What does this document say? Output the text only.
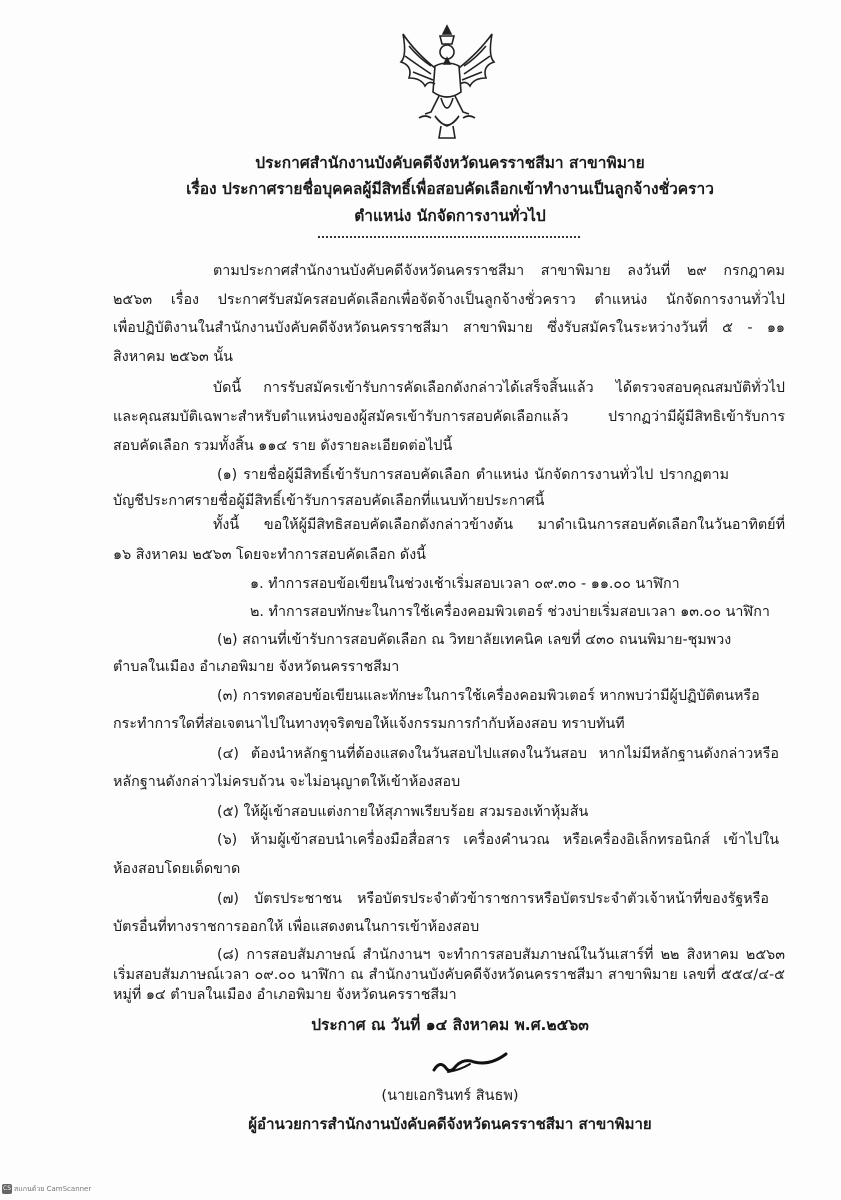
ประกาศสำนักงานบังคับคดีจังหวัดนครราชสีมา สาขาพิมาย
เรื่อง ประกาศรายชื่อบุคคลผู้มีสิทธิ์เพื่อสอบคัดเลือกเข้าทำงานเป็นลูกจ้างชั่วคราว
ตำแหน่ง นักจัดการงานทั่วไป
ตามประกาศสำนักงานบังคับคดีจังหวัดนครราชสีมา สาขาพิมาย ลงวันที่ ๒๙ กรกฎาคม
๒๕๖๓ เรื่อง ประกาศรับสมัครสอบคัดเลือกเพื่อจัดจ้างเป็นลูกจ้างชั่วคราว ตำแหน่ง นักจัดการงานทั่วไป
เพื่อปฏิบัติงานในสำนักงานบังคับคดีจังหวัดนครราชสีมา สาขาพิมาย ซึ่งรับสมัครในระหว่างวันที่ ๕ - ๑๑
สิงหาคม ๒๕๖๓ นั้น
บัดนี้ การรับสมัครเข้ารับการคัดเลือกดังกล่าวได้เสร็จสิ้นแล้ว ได้ตรวจสอบคุณสมบัติทั่วไป
และคุณสมบัติเฉพาะสำหรับตำแหน่งของผู้สมัครเข้ารับการสอบคัดเลือกแล้ว ปรากฏว่ามีผู้มีสิทธิเข้ารับการ
สอบคัดเลือก รวมทั้งสิ้น ๑๑๔ ราย ดังรายละเอียดต่อไปนี้
(๑) รายชื่อผู้มีสิทธิ์เข้ารับการสอบคัดเลือก ตำแหน่ง นักจัดการงานทั่วไป ปรากฏตาม
บัญชีประกาศรายชื่อผู้มีสิทธิ์เข้ารับการสอบคัดเลือกที่แนบท้ายประกาศนี้
ทั้งนี้ ขอให้ผู้มีสิทธิสอบคัดเลือกดังกล่าวข้างต้น มาดำเนินการสอบคัดเลือกในวันอาทิตย์ที่
๑๖ สิงหาคม ๒๕๖๓ โดยจะทำการสอบคัดเลือก ดังนี้
๑. ทำการสอบข้อเขียนในช่วงเช้าเริ่มสอบเวลา ๐๙.๓๐ - ๑๑.๐๐ นาฬิกา
๒. ทำการสอบทักษะในการใช้เครื่องคอมพิวเตอร์ ช่วงบ่ายเริ่มสอบเวลา ๑๓.๐๐ นาฬิกา
(๒) สถานที่เข้ารับการสอบคัดเลือก ณ วิทยาลัยเทคนิค เลขที่ ๔๓๐ ถนนพิมาย-ชุมพวง
ตำบลในเมือง อำเภอพิมาย จังหวัดนครราชสีมา
(๓) การทดสอบข้อเขียนและทักษะในการใช้เครื่องคอมพิวเตอร์ หากพบว่ามีผู้ปฏิบัติตนหรือ
กระทำการใดที่ส่อเจตนาไปในทางทุจริตขอให้แจ้งกรรมการกำกับห้องสอบ ทราบทันที
(๔) ต้องนำหลักฐานที่ต้องแสดงในวันสอบไปแสดงในวันสอบ หากไม่มีหลักฐานดังกล่าวหรือ
หลักฐานดังกล่าวไม่ครบถ้วน จะไม่อนุญาตให้เข้าห้องสอบ
(๕) ให้ผู้เข้าสอบแต่งกายให้สุภาพเรียบร้อย สวมรองเท้าหุ้มส้น
(๖) ห้ามผู้เข้าสอบนำเครื่องมือสื่อสาร เครื่องคำนวณ หรือเครื่องอิเล็กทรอนิกส์ เข้าไปใน
ห้องสอบโดยเด็ดขาด
(๗) บัตรประชาชน หรือบัตรประจำตัวข้าราชการหรือบัตรประจำตัวเจ้าหน้าที่ของรัฐหรือ
บัตรอื่นที่ทางราชการออกให้ เพื่อแสดงตนในการเข้าห้องสอบ
(๘) การสอบสัมภาษณ์ สำนักงานฯ จะทำการสอบสัมภาษณ์ในวันเสาร์ที่ ๒๒ สิงหาคม ๒๕๖๓
เริ่มสอบสัมภาษณ์เวลา ๐๙.๐๐ นาฬิกา ณ สำนักงานบังคับคดีจังหวัดนครราชสีมา สาขาพิมาย เลขที่ ๕๕๔/๔-๕
หมู่ที่ ๑๔ ตำบลในเมือง อำเภอพิมาย จังหวัดนครราชสีมา
ประกาศ ณ วันที่ ๑๔ สิงหาคม พ.ศ.๒๕๖๓
(นายเอกรินทร์ สินธพ)
ผู้อำนวยการสำนักงานบังคับคดีจังหวัดนครราชสีมา สาขาพิมาย
CS สแกนด้วย CamScanner
